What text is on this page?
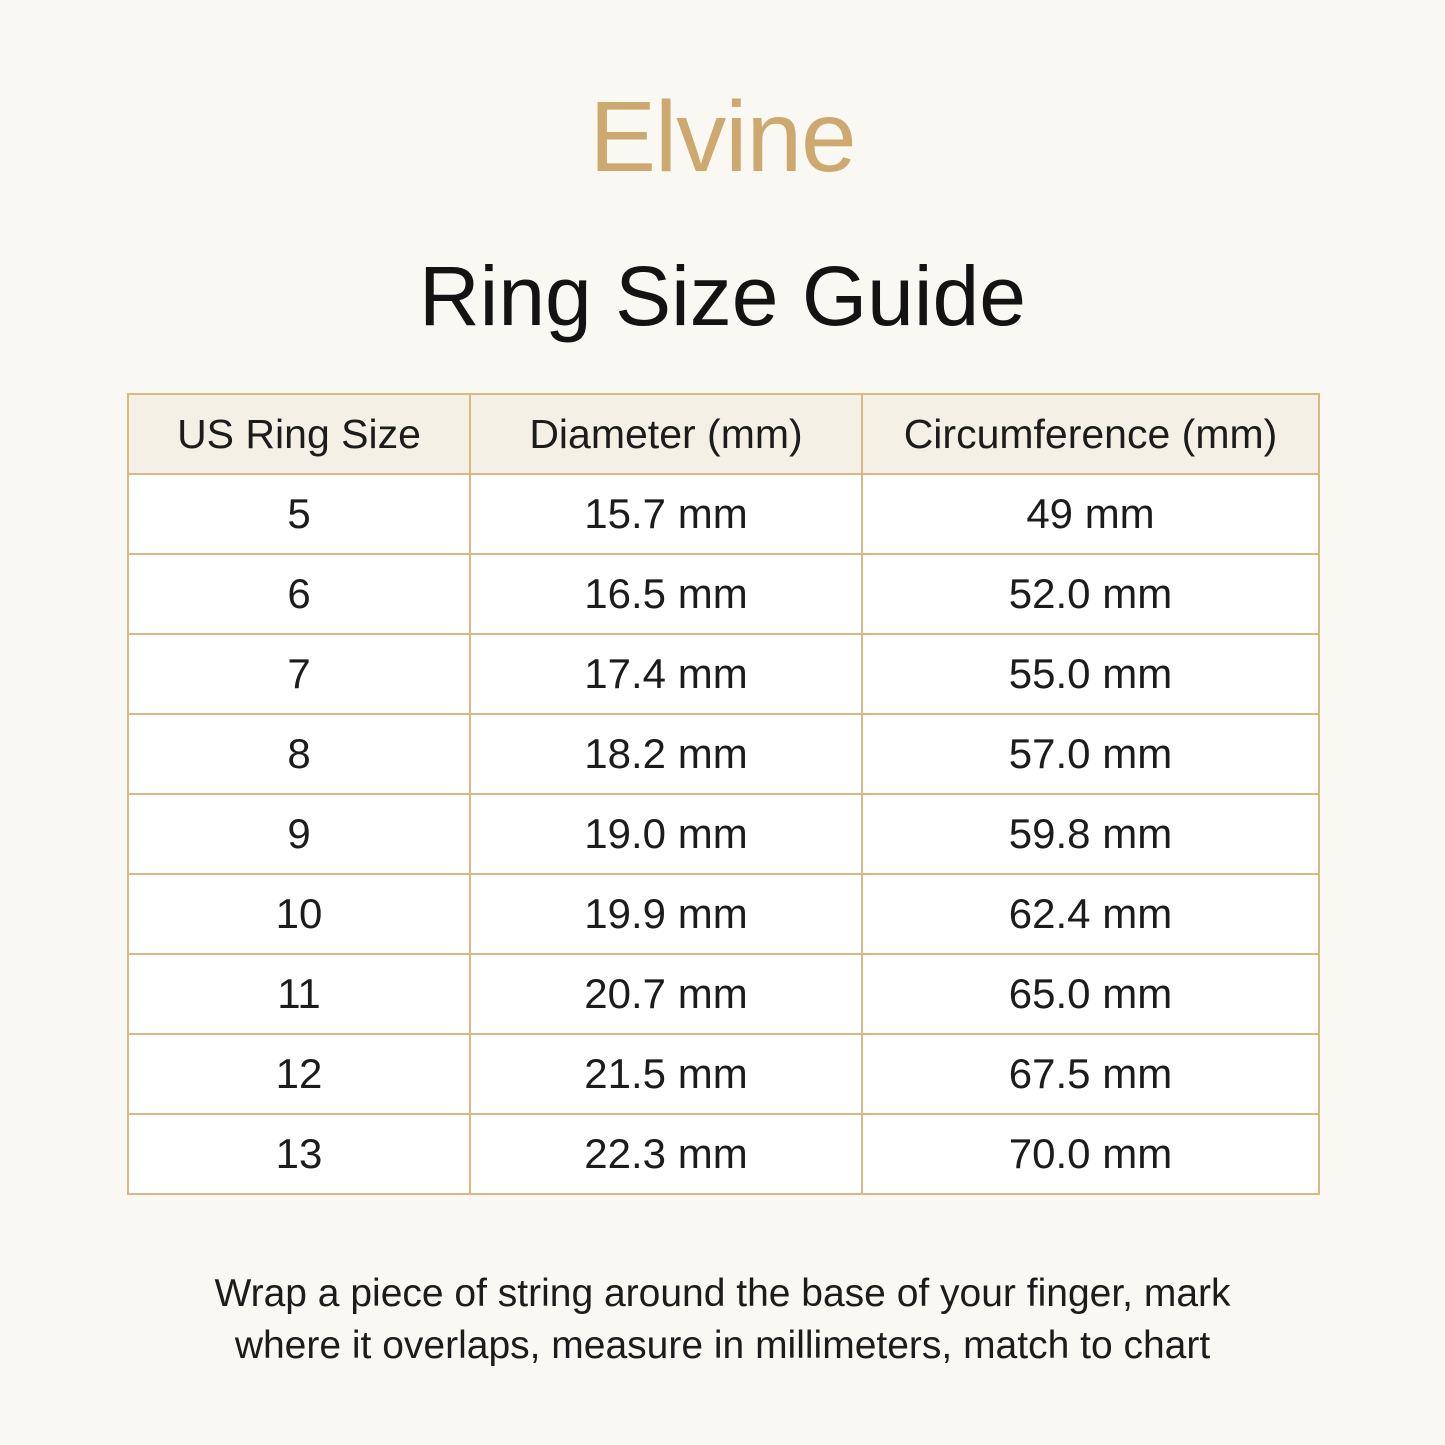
Elvine
Ring Size Guide
US Ring Size	Diameter (mm)	Circumference (mm)
5	15.7 mm	49 mm
6	16.5 mm	52.0 mm
7	17.4 mm	55.0 mm
8	18.2 mm	57.0 mm
9	19.0 mm	59.8 mm
10	19.9 mm	62.4 mm
11	20.7 mm	65.0 mm
12	21.5 mm	67.5 mm
13	22.3 mm	70.0 mm
Wrap a piece of string around the base of your finger, mark
where it overlaps, measure in millimeters, match to chart
